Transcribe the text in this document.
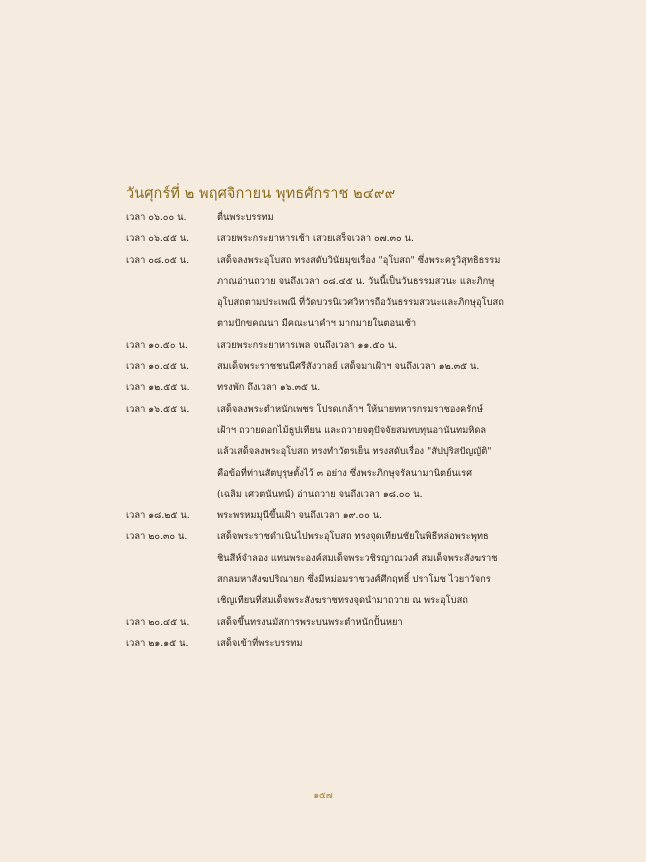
วันศุกร์ที่ ๒ พฤศจิกายน พุทธศักราช ๒๔๙๙
เวลา ๐๖.๐๐ น.	ตื่นพระบรรทม
เวลา ๐๖.๔๕ น.	เสวยพระกระยาหารเช้า เสวยเสร็จเวลา ๐๗.๓๐ น.
เวลา ๐๘.๐๕ น.	เสด็จลงพระอุโบสถ ทรงสดับวินัยมุขเรื่อง "อุโบสถ" ซึ่งพระครูวิสุทธิธรรม
ภาณอ่านถวาย จนถึงเวลา ๐๘.๔๕ น. วันนี้เป็นวันธรรมสวนะ และภิกษุ
อุโบสถตามประเพณี ที่วัดบวรนิเวศวิหารถือวันธรรมสวนะและภิกษุอุโบสถ
ตามปักขคณนา มีคณะนาคำฯ มากมายในตอนเช้า
เวลา ๑๐.๕๐ น.	เสวยพระกระยาหารเพล จนถึงเวลา ๑๑.๕๐ น.
เวลา ๑๐.๔๕ น.	สมเด็จพระราชชนนีศรีสังวาลย์ เสด็จมาเฝ้าฯ จนถึงเวลา ๑๒.๓๕ น.
เวลา ๑๒.๕๕ น.	ทรงพัก ถึงเวลา ๑๖.๓๕ น.
เวลา ๑๖.๕๕ น.	เสด็จลงพระตำหนักเพชร โปรดเกล้าฯ ให้นายทหารกรมราชองครักษ์
เฝ้าฯ ถวายดอกไม้ธูปเทียน และถวายจตุปัจจัยสมทบทุนอานันทมหิดล
แล้วเสด็จลงพระอุโบสถ ทรงทำวัตรเย็น ทรงสดับเรื่อง "สัปปุริสปัญญัติ"
คือข้อที่ท่านสัตบุรุษตั้งไว้ ๓ อย่าง ซึ่งพระภิกษุจรัลนามานิตย์นเรศ
(เฉลิม เศวตนันทน์) อ่านถวาย จนถึงเวลา ๑๘.๐๐ น.
เวลา ๑๘.๒๕ น.	พระพรหมมุนีขึ้นเฝ้า จนถึงเวลา ๑๙.๐๐ น.
เวลา ๒๐.๓๐ น.	เสด็จพระราชดำเนินไปพระอุโบสถ ทรงจุดเทียนชัยในพิธีหล่อพระพุทธ
ชินสีห์จำลอง แทนพระองค์สมเด็จพระวชิรญาณวงศ์ สมเด็จพระสังฆราช
สกลมหาสังฆปริณายก ซึ่งมีหม่อมราชวงศ์ศึกฤทธิ์ ปราโมช ไวยาวัจกร
เชิญเทียนที่สมเด็จพระสังฆราชทรงจุดนำมาถวาย ณ พระอุโบสถ
เวลา ๒๐.๔๕ น.	เสด็จขึ้นทรงนมัสการพระบนพระตำหนักปั้นหยา
เวลา ๒๑.๑๕ น.	เสด็จเข้าที่พระบรรทม
๑๕๗
